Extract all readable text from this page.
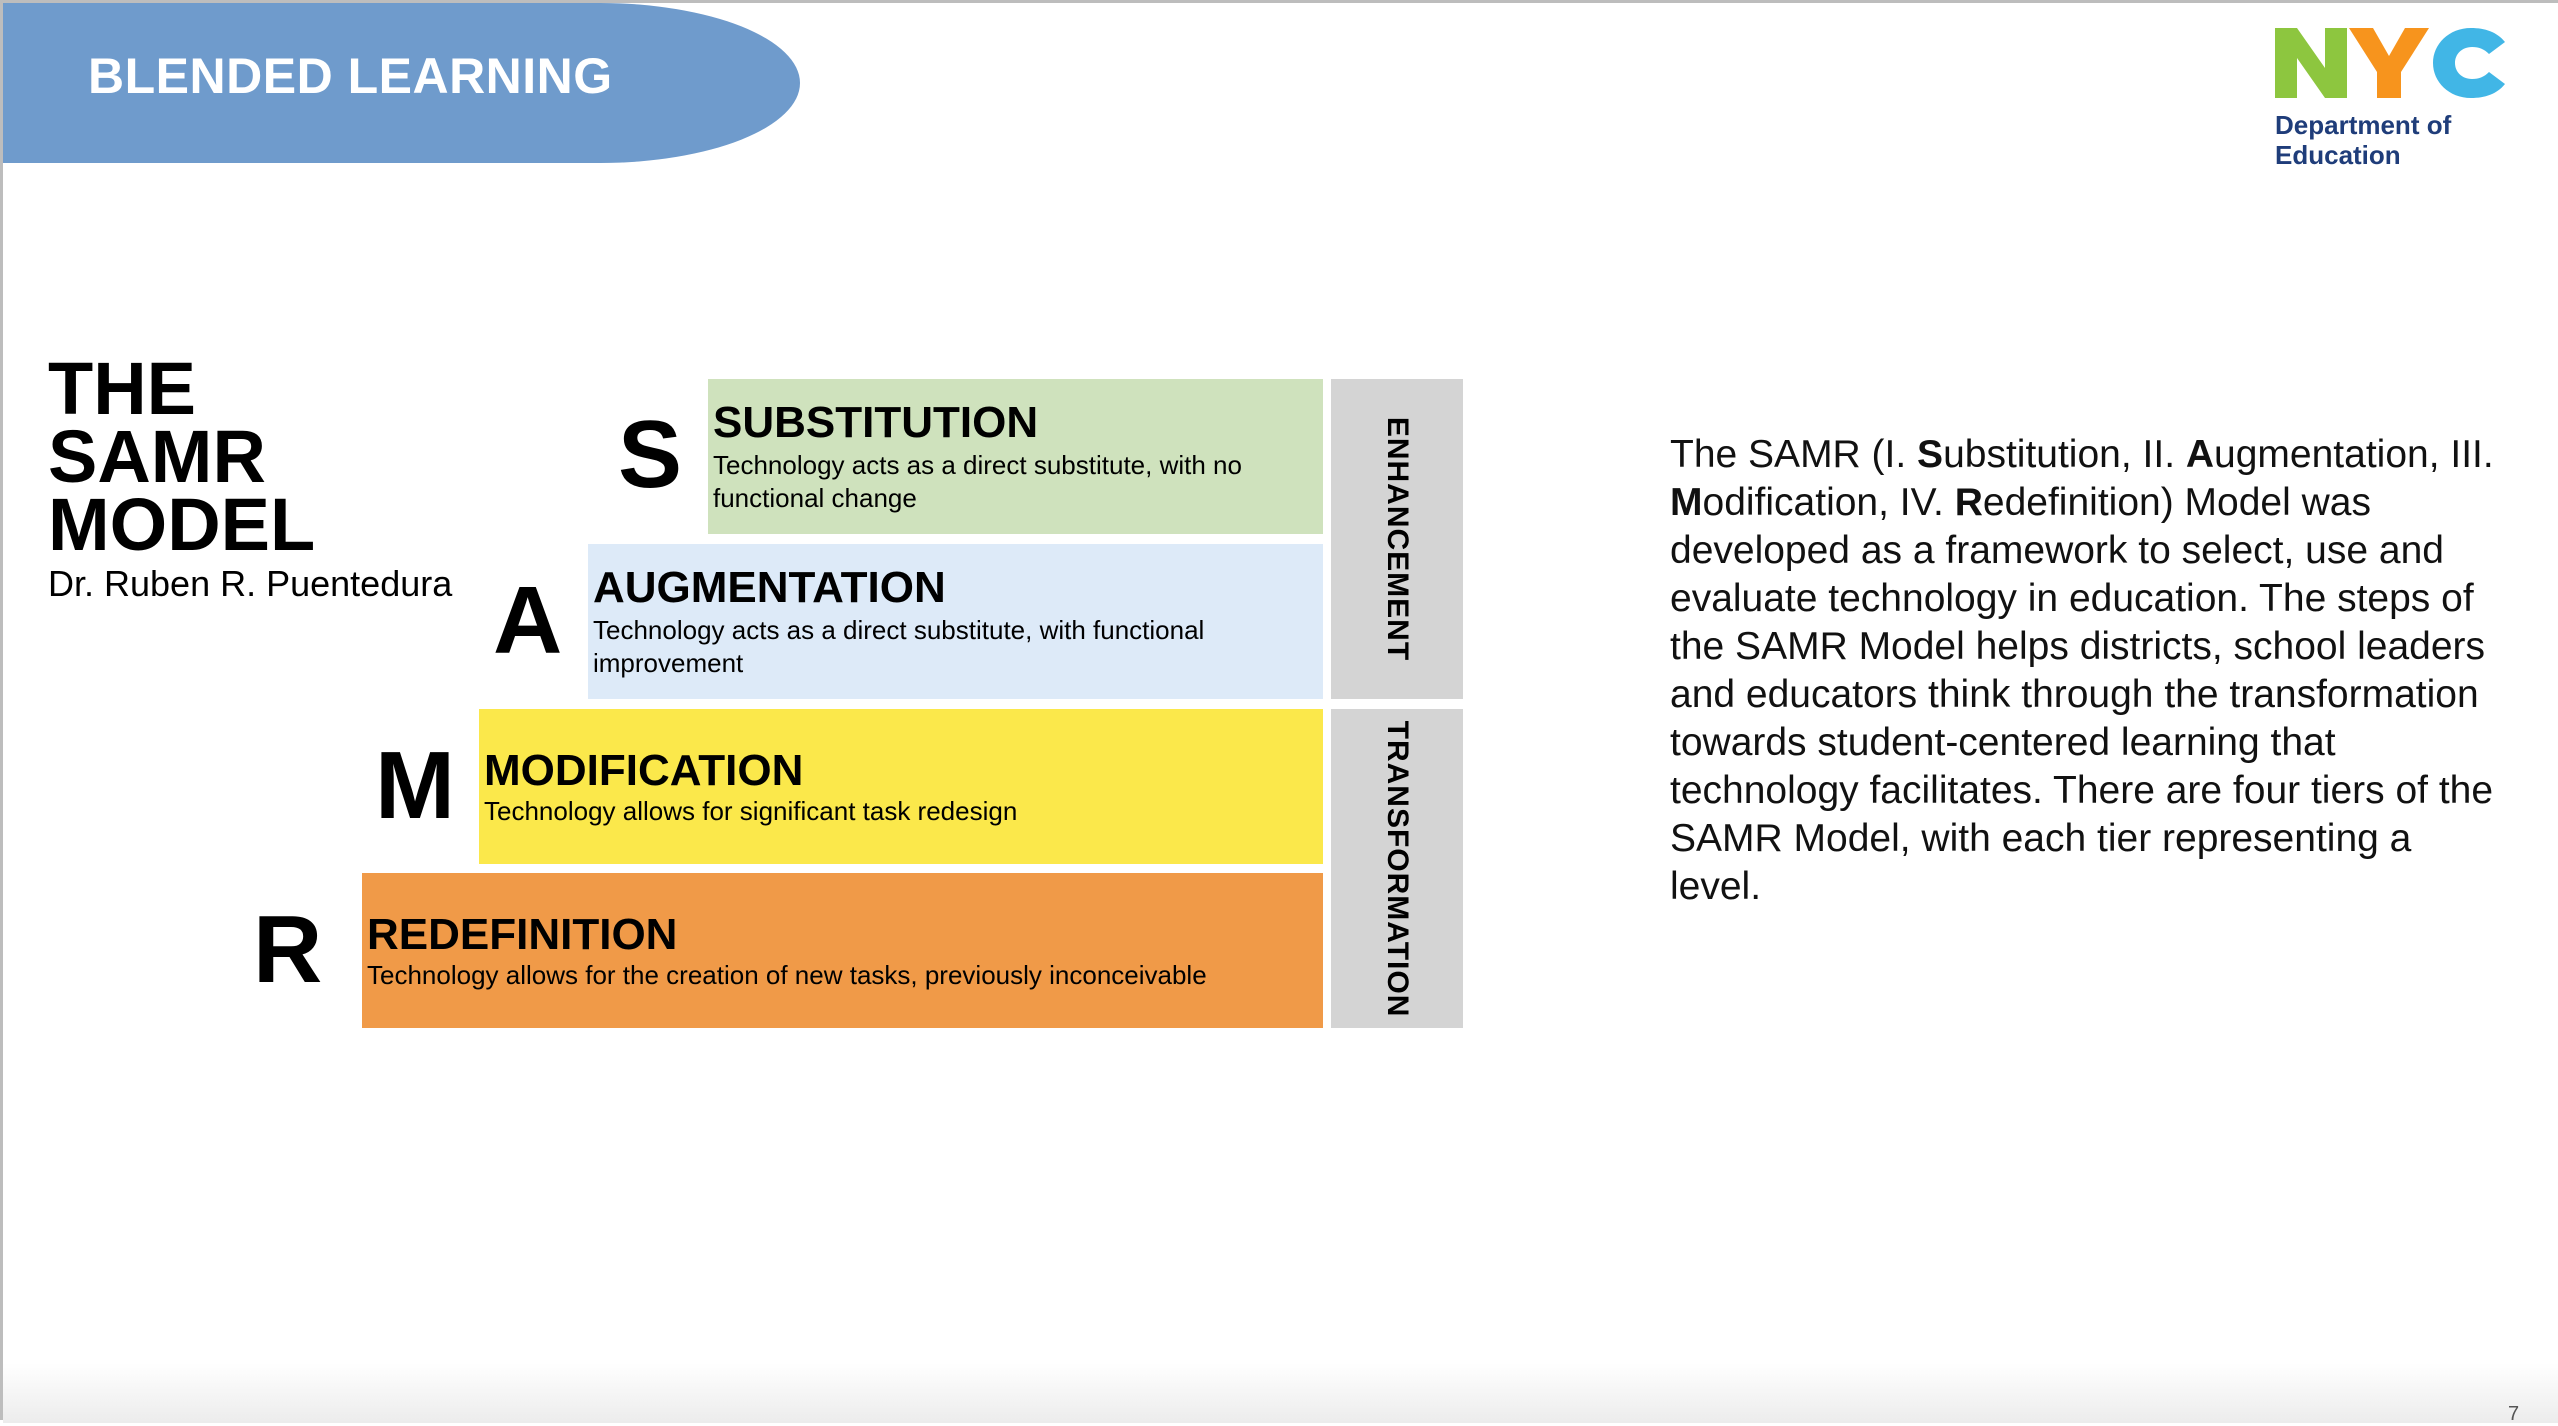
BLENDED LEARNING
Department of
Education
THE
SAMR
MODEL
Dr. Ruben R. Puentedura
S
A
M
R
SUBSTITUTION
Technology acts as a direct substitute, with no functional change
AUGMENTATION
Technology acts as a direct substitute, with functional improvement
MODIFICATION
Technology allows for significant task redesign
REDEFINITION
Technology allows for the creation of new tasks, previously inconceivable
ENHANCEMENT
TRANSFORMATION
The SAMR (I. Substitution, II. Augmentation, III. Modification, IV. Redefinition) Model was developed as a framework to select, use and evaluate technology in education. The steps of the SAMR Model helps districts, school leaders and educators think through the transformation towards student-centered learning that technology facilitates. There are four tiers of the SAMR Model, with each tier representing a level.
7
